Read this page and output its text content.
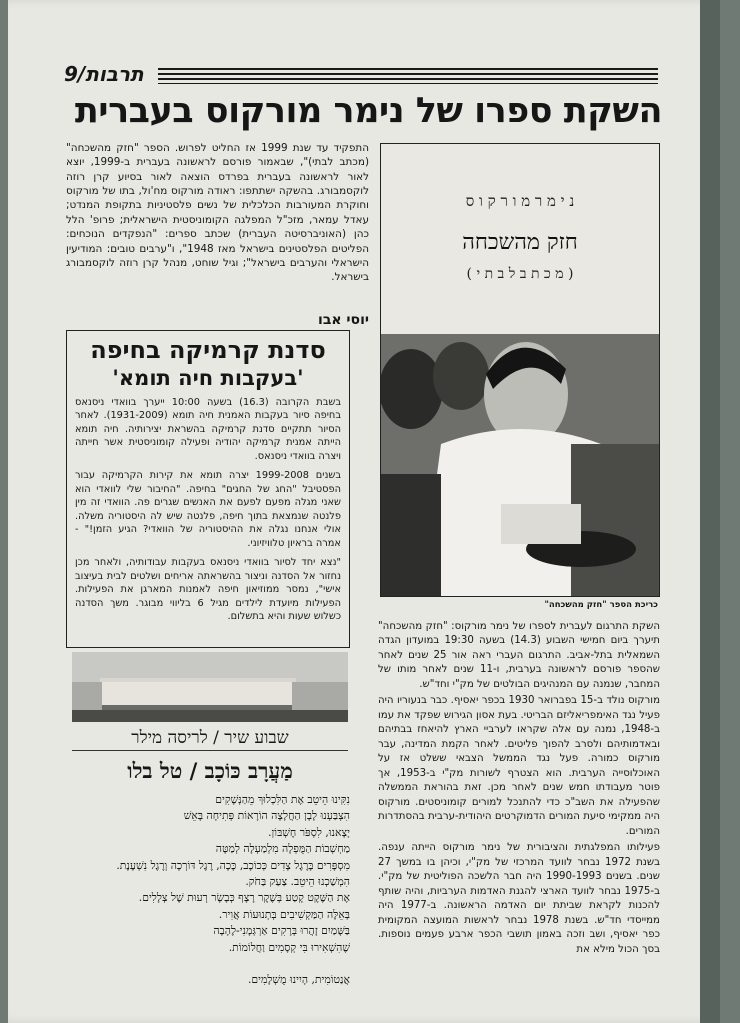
תרבות/9
השקת ספרו של נימר מורקוס בעברית
התפקיד עד שנת 1999 אז החליט לפרוש. הספר "חזק מהשכחה" (מכתב לבתי)", שבאמור פורסם לראשונה בעברית ב-1999, יוצא לאור לראשונה בעברית בפרדס הוצאה לאור בסיוע קרן רוזה לוקסמבורג. בהשקה ישתתפו: ראודה מורקוס מח'ול, בתו של מורקוס וחוקרת המעורבות הכלכלית של נשים פלסטיניות בתקופת המנדט; עאדל עמאר, מזכ"ל המפלגה הקומוניסטית הישראלית; פרופ' הלל כהן (האוניברסיטה העברית) שכתב ספרים: "הנפקדים הנוכחים: הפליטים הפלסטינים בישראל מאז 1948", ו"ערבים טובים: המודיעין הישראלי והערבים בישראל"; וגיל שוחט, מנהל קרן רוזה לוקסמבורג בישראל.
יוסי אבו
סדנת קרמיקה בחיפה
'בעקבות חיה תומא'

בשבת הקרובה (16.3) בשעה 10:00 ייערך בוואדי ניסנאס בחיפה סיור בעקבות האמנית חיה תומא (1931-2009). לאחר הסיור תתקיים סדנת קרמיקה בהשראת יצירותיה. חיה תומא הייתה אמנית קרמיקה יהודיה ופעילה קומוניסטית אשר חייתה ויצרה בוואדי ניסנאס.

בשנים 1999-2008 יצרה תומא את קירות הקרמיקה עבור הפסטיבל "החג של החגים" בחיפה. "החיבור שלי לוואדי הוא שאני מגלה מפעם לפעם את האנשים שגרים פה. הוואדי זה מין פלנטה שנמצאת בתוך חיפה, פלנטה שיש לה היסטוריה משלה. אולי אנחנו נגלה את ההיסטוריה של הוואדי? הגיע הזמן!" - אמרה בראיון טלוויזיוני.

"נצא יחד לסיור בוואדי ניסנאס בעקבות עבודותיה, ולאחר מכן נחזור אל הסדנה וניצור בהשראתה אריחים ושלטים לבית בעיצוב אישי", נמסר ממוזיאון חיפה לאמנות המארגן את הפעילות. הפעילות מיועדת לילדים מגיל 6 בליווי מבוגר. משך הסדנה כשלוש שעות והיא בתשלום.

שבוע שיר / לריסה מילר
מַעֲרָב כּוֹכָב / טל בלו
נִקִּינוּ הֵיטֵב אֶת הַלִּכְלוּךְ מֵהַנְּשָׁקִים
הִצְבַּעְנוּ לָבָן הַחֲלָצָה הוֹרָאוֹת פְּתִיחָה בָּאֵשׁ
יָצָאנוּ, לִסְפֹּר חֶשְׁבּוֹן.
מַחְשְׁבוֹת הַמֻּפְלָה מִלְמַעְלָה לְמַטָּה
מִסְפָּרִים בָּרֶגֶל צָדִים כְּכוֹכָב, כָּכָה, רֶגֶל דּוֹרְכָה וְרֶגֶל נִשְׁעֶנֶת.
הִמְשַׁכְנוּ הֵיטֵב. צַעַק בַּחֹק.
אֶת הַשֶּׁקֶט קָטַע בְּשֶׁקֶר רָצָף כְּבָשָׂר רְעוּת שֶׁל צְלָלִים.
בְּאֵלֶּה הַמַּקְשִׁיבִים בְּתְנוּעוֹת אֲוִיר.
בַּשָּׁמַיִם זָהֲרוּ בְּרָקִים אַרְגְּמָנִי-לֶהָבָה
שֶׁהִשְׁאִירוּ בִּי קְסָמִים וַחֲלוֹמוֹת.

אֲנַטוֹמִית, הָיִינוּ מֻשְׁלָמִים.
נ י מ ר מ ו ר ק ו ס
חזק מהשכחה
( מ כ ת ב ל ב ת י )
כריכת הספר "חזק מהשכחה"

השקת התרגום לעברית לספרו של נימר מורקוס: "חזק מהשכחה" תיערך ביום חמישי השבוע (14.3) בשעה 19:30 במועדון הגדה השמאלית בתל-אביב. התרגום העברי ראה אור 25 שנים לאחר שהספר פורסם לראשונה בערבית, ו-11 שנים לאחר מותו של המחבר, שנמנה עם המנהיגים הבולטים של מק"י וחד"ש.

מורקוס נולד ב-15 בפברואר 1930 בכפר יאסיף. כבר בנעוריו היה פעיל נגד האימפריאליזם הבריטי. בעת אסון הגירוש שפקד את עמו ב-1948, נמנה עם אלה שקראו לערביי הארץ להיאחז בבתיהם ובאדמותיהם ולסרב להפוך פליטים. לאחר הקמת המדינה, עבר מורקוס כמורה. פעל נגד הממשל הצבאי ששלט אז על האוכלוסייה הערבית. הוא הצטרף לשורות מק"י ב-1953, אך פוטר מעבודתו חמש שנים לאחר מכן. זאת בהוראת הממשלה שהפעילה את השב"כ כדי להתנכל למורים קומוניסטים. מורקוס היה ממקימי סיעת המורים הדמוקרטים היהודית-ערבית בהסתדרות המורים.

פעילותו המפלגתית והציבורית של נימר מורקוס הייתה ענפה. בשנת 1972 נבחר לוועד המרכזי של מק"י, וכיהן בו במשך 27 שנים. בשנים 1990-1993 היה חבר הלשכה הפוליטית של מק"י. ב-1975 נבחר לוועד הארצי להגנת האדמות הערביות, והיה שותף להכנות לקראת שביתת יום האדמה הראשונה. ב-1977 היה ממייסדי חד"ש. בשנת 1978 נבחר לראשות המועצה המקומית כפר יאסיף, ושב וזכה באמון תושבי הכפר ארבע פעמים נוספות. בסך הכול מילא את
